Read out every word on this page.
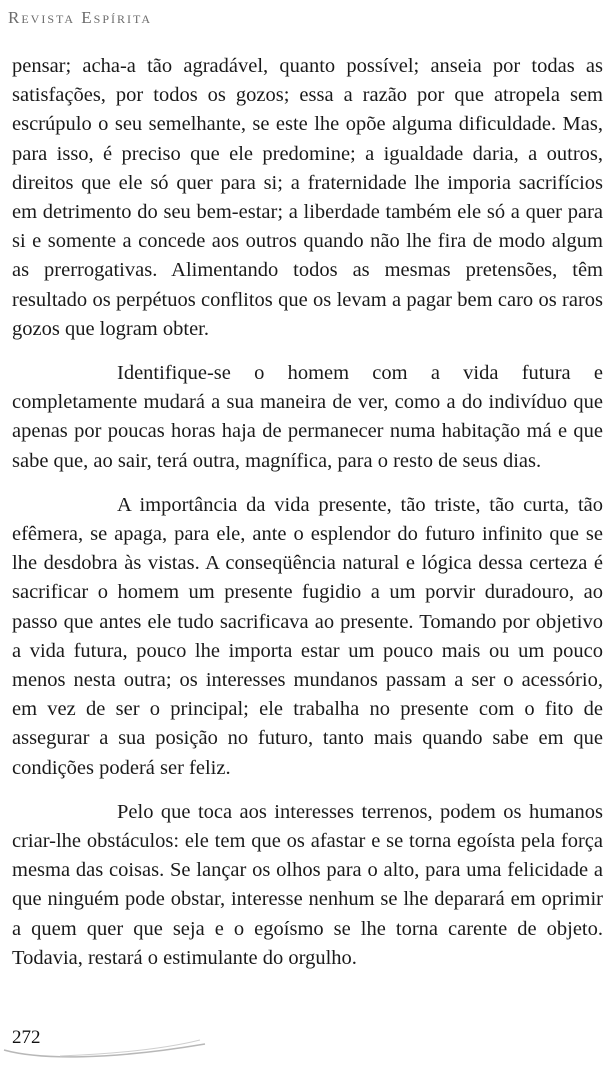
Revista Espírita

pensar; acha-a tão agradável, quanto possível; anseia por todas as satisfações, por todos os gozos; essa a razão por que atropela sem escrúpulo o seu semelhante, se este lhe opõe alguma dificuldade. Mas, para isso, é preciso que ele predomine; a igualdade daria, a outros, direitos que ele só quer para si; a fraternidade lhe imporia sacrifícios em detrimento do seu bem-estar; a liberdade também ele só a quer para si e somente a concede aos outros quando não lhe fira de modo algum as prerrogativas. Alimentando todos as mesmas pretensões, têm resultado os perpétuos conflitos que os levam a pagar bem caro os raros gozos que logram obter.

Identifique-se o homem com a vida futura e completamente mudará a sua maneira de ver, como a do indivíduo que apenas por poucas horas haja de permanecer numa habitação má e que sabe que, ao sair, terá outra, magnífica, para o resto de seus dias.

A importância da vida presente, tão triste, tão curta, tão efêmera, se apaga, para ele, ante o esplendor do futuro infinito que se lhe desdobra às vistas. A conseqüência natural e lógica dessa certeza é sacrificar o homem um presente fugidio a um porvir duradouro, ao passo que antes ele tudo sacrificava ao presente. Tomando por objetivo a vida futura, pouco lhe importa estar um pouco mais ou um pouco menos nesta outra; os interesses mundanos passam a ser o acessório, em vez de ser o principal; ele trabalha no presente com o fito de assegurar a sua posição no futuro, tanto mais quando sabe em que condições poderá ser feliz.

Pelo que toca aos interesses terrenos, podem os humanos criar-lhe obstáculos: ele tem que os afastar e se torna egoísta pela força mesma das coisas. Se lançar os olhos para o alto, para uma felicidade a que ninguém pode obstar, interesse nenhum se lhe deparará em oprimir a quem quer que seja e o egoísmo se lhe torna carente de objeto. Todavia, restará o estimulante do orgulho.

272
